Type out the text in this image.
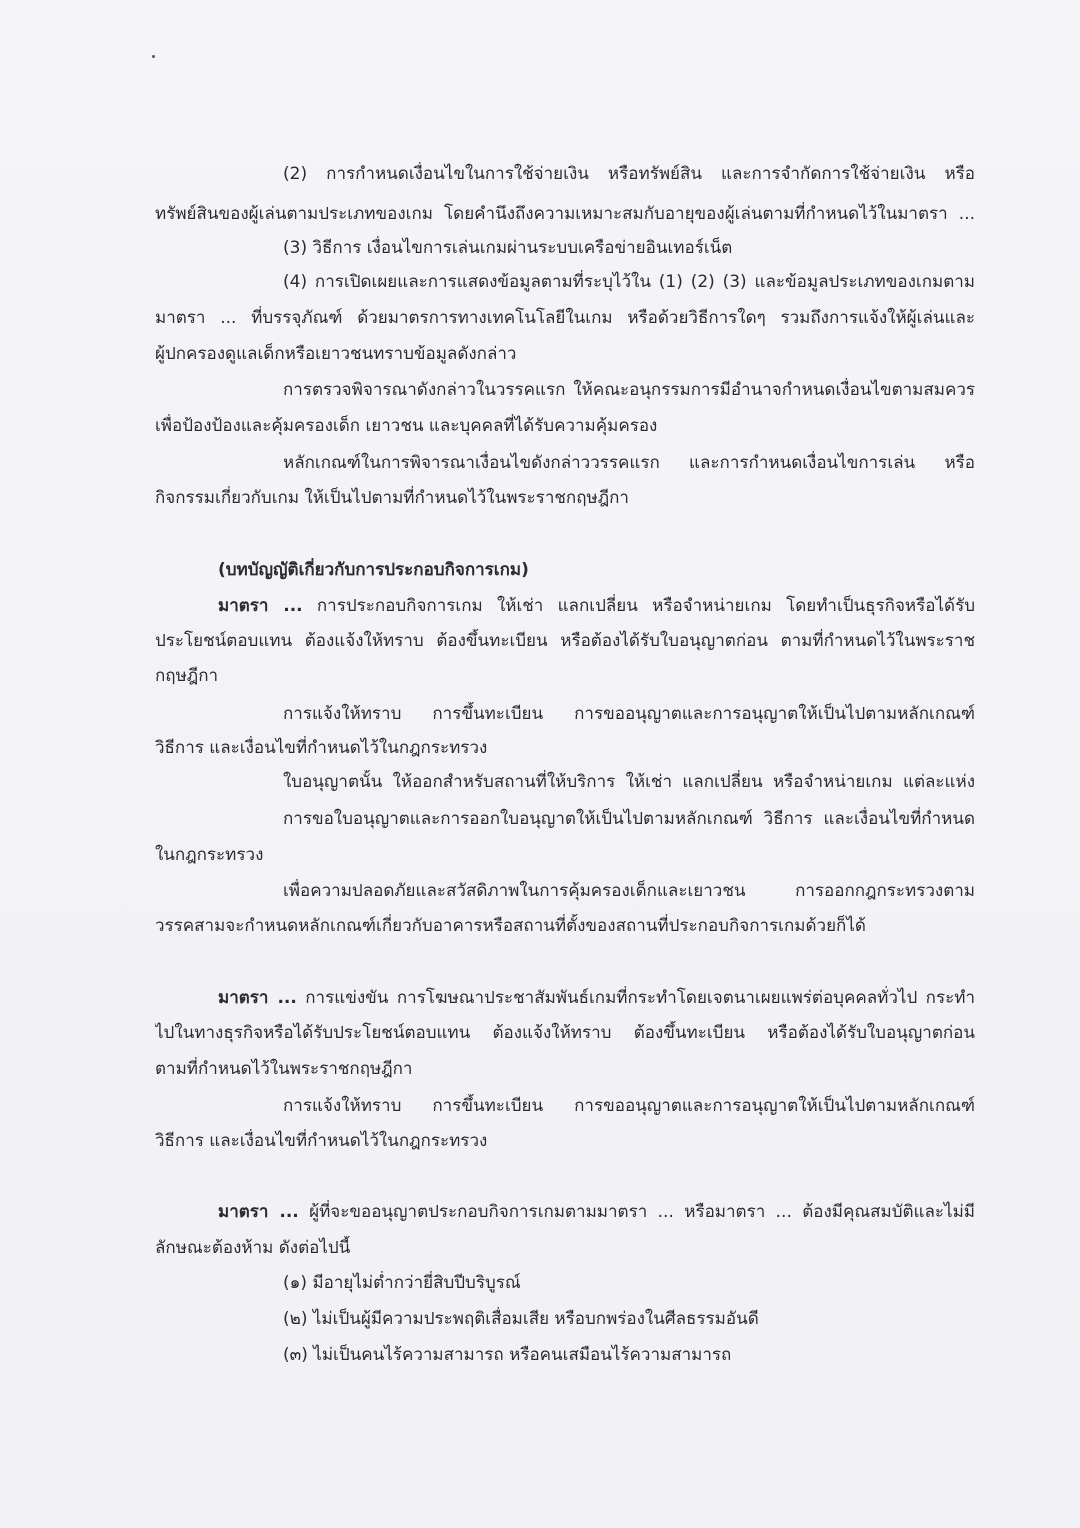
(2) การกำหนดเงื่อนไขในการใช้จ่ายเงิน หรือทรัพย์สิน และการจำกัดการใช้จ่ายเงิน หรือ
ทรัพย์สินของผู้เล่นตามประเภทของเกม โดยคำนึงถึงความเหมาะสมกับอายุของผู้เล่นตามที่กำหนดไว้ในมาตรา ...
(3) วิธีการ เงื่อนไขการเล่นเกมผ่านระบบเครือข่ายอินเทอร์เน็ต
(4) การเปิดเผยและการแสดงข้อมูลตามที่ระบุไว้ใน (1) (2) (3) และข้อมูลประเภทของเกมตาม
มาตรา ... ที่บรรจุภัณฑ์ ด้วยมาตรการทางเทคโนโลยีในเกม หรือด้วยวิธีการใดๆ รวมถึงการแจ้งให้ผู้เล่นและ
ผู้ปกครองดูแลเด็กหรือเยาวชนทราบข้อมูลดังกล่าว
การตรวจพิจารณาดังกล่าวในวรรคแรก ให้คณะอนุกรรมการมีอำนาจกำหนดเงื่อนไขตามสมควร
เพื่อป้องป้องและคุ้มครองเด็ก เยาวชน และบุคคลที่ได้รับความคุ้มครอง
หลักเกณฑ์ในการพิจารณาเงื่อนไขดังกล่าววรรคแรก และการกำหนดเงื่อนไขการเล่น หรือ
กิจกรรมเกี่ยวกับเกม ให้เป็นไปตามที่กำหนดไว้ในพระราชกฤษฎีกา
(บทบัญญัติเกี่ยวกับการประกอบกิจการเกม)
มาตรา ... การประกอบกิจการเกม ให้เช่า แลกเปลี่ยน หรือจำหน่ายเกม โดยทำเป็นธุรกิจหรือได้รับ
ประโยชน์ตอบแทน ต้องแจ้งให้ทราบ ต้องขึ้นทะเบียน หรือต้องได้รับใบอนุญาตก่อน ตามที่กำหนดไว้ในพระราช
กฤษฎีกา
การแจ้งให้ทราบ การขึ้นทะเบียน การขออนุญาตและการอนุญาตให้เป็นไปตามหลักเกณฑ์
วิธีการ และเงื่อนไขที่กำหนดไว้ในกฎกระทรวง
ใบอนุญาตนั้น ให้ออกสำหรับสถานที่ให้บริการ ให้เช่า แลกเปลี่ยน หรือจำหน่ายเกม แต่ละแห่ง
การขอใบอนุญาตและการออกใบอนุญาตให้เป็นไปตามหลักเกณฑ์ วิธีการ และเงื่อนไขที่กำหนด
ในกฎกระทรวง
เพื่อความปลอดภัยและสวัสดิภาพในการคุ้มครองเด็กและเยาวชน การออกกฎกระทรวงตาม
วรรคสามจะกำหนดหลักเกณฑ์เกี่ยวกับอาคารหรือสถานที่ตั้งของสถานที่ประกอบกิจการเกมด้วยก็ได้
มาตรา ... การแข่งขัน การโฆษณาประชาสัมพันธ์เกมที่กระทำโดยเจตนาเผยแพร่ต่อบุคคลทั่วไป กระทำ
ไปในทางธุรกิจหรือได้รับประโยชน์ตอบแทน ต้องแจ้งให้ทราบ ต้องขึ้นทะเบียน หรือต้องได้รับใบอนุญาตก่อน
ตามที่กำหนดไว้ในพระราชกฤษฎีกา
การแจ้งให้ทราบ การขึ้นทะเบียน การขออนุญาตและการอนุญาตให้เป็นไปตามหลักเกณฑ์
วิธีการ และเงื่อนไขที่กำหนดไว้ในกฎกระทรวง
มาตรา ... ผู้ที่จะขออนุญาตประกอบกิจการเกมตามมาตรา ... หรือมาตรา ... ต้องมีคุณสมบัติและไม่มี
ลักษณะต้องห้าม ดังต่อไปนี้
(๑) มีอายุไม่ต่ำกว่ายี่สิบปีบริบูรณ์
(๒) ไม่เป็นผู้มีความประพฤติเสื่อมเสีย หรือบกพร่องในศีลธรรมอันดี
(๓) ไม่เป็นคนไร้ความสามารถ หรือคนเสมือนไร้ความสามารถ
